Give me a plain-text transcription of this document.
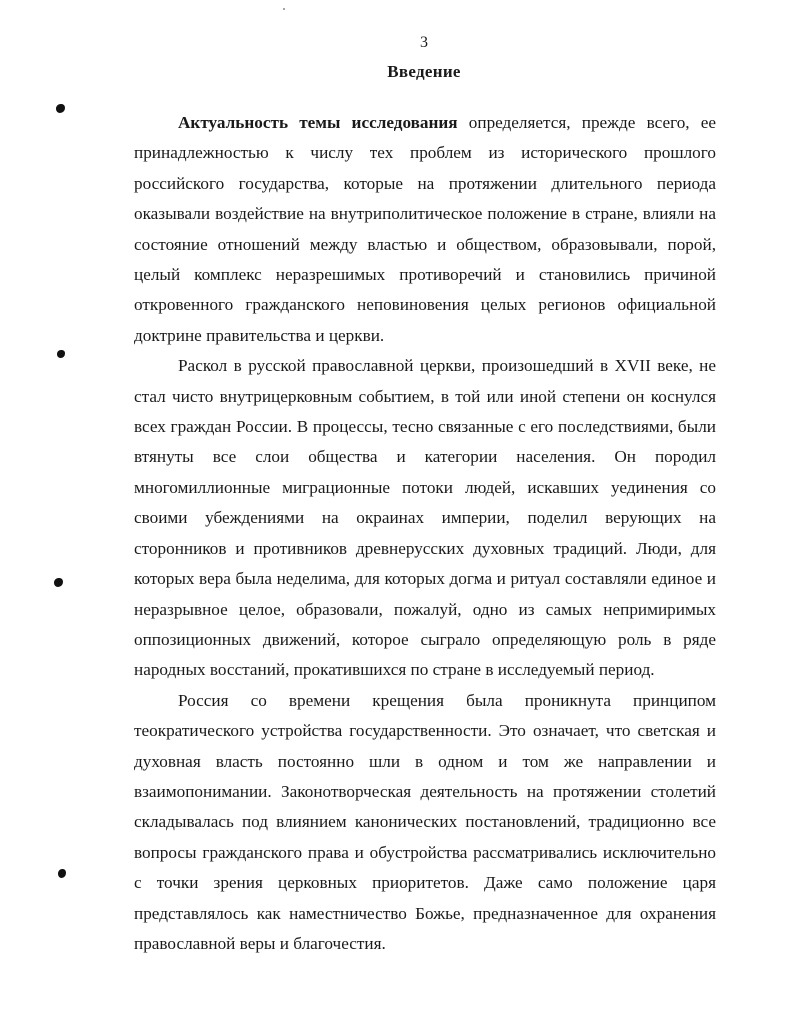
3
Введение

Актуальность темы исследования определяется, прежде всего, ее принадлежностью к числу тех проблем из исторического прошлого российского государства, которые на протяжении длительного периода оказывали воздействие на внутриполитическое положение в стране, влияли на состояние отношений между властью и обществом, образовывали, порой, целый комплекс неразрешимых противоречий и становились причиной откровенного гражданского неповиновения целых регионов официальной доктрине правительства и церкви.

Раскол в русской православной церкви, произошедший в XVII веке, не стал чисто внутрицерковным событием, в той или иной степени он коснулся всех граждан России. В процессы, тесно связанные с его последствиями, были втянуты все слои общества и категории населения. Он породил многомиллионные миграционные потоки людей, искавших уединения со своими убеждениями на окраинах империи, поделил верующих на сторонников и противников древнерусских духовных традиций. Люди, для которых вера была неделима, для которых догма и ритуал составляли единое и неразрывное целое, образовали, пожалуй, одно из самых непримиримых оппозиционных движений, которое сыграло определяющую роль в ряде народных восстаний, прокатившихся по стране в исследуемый период.

Россия со времени крещения была проникнута принципом теократического устройства государственности. Это означает, что светская и духовная власть постоянно шли в одном и том же направлении и взаимопонимании. Законотворческая деятельность на протяжении столетий складывалась под влиянием канонических постановлений, традиционно все вопросы гражданского права и обустройства рассматривались исключительно с точки зрения церковных приоритетов. Даже само положение царя представлялось как наместничество Божье, предназначенное для охранения православной веры и благочестия.
